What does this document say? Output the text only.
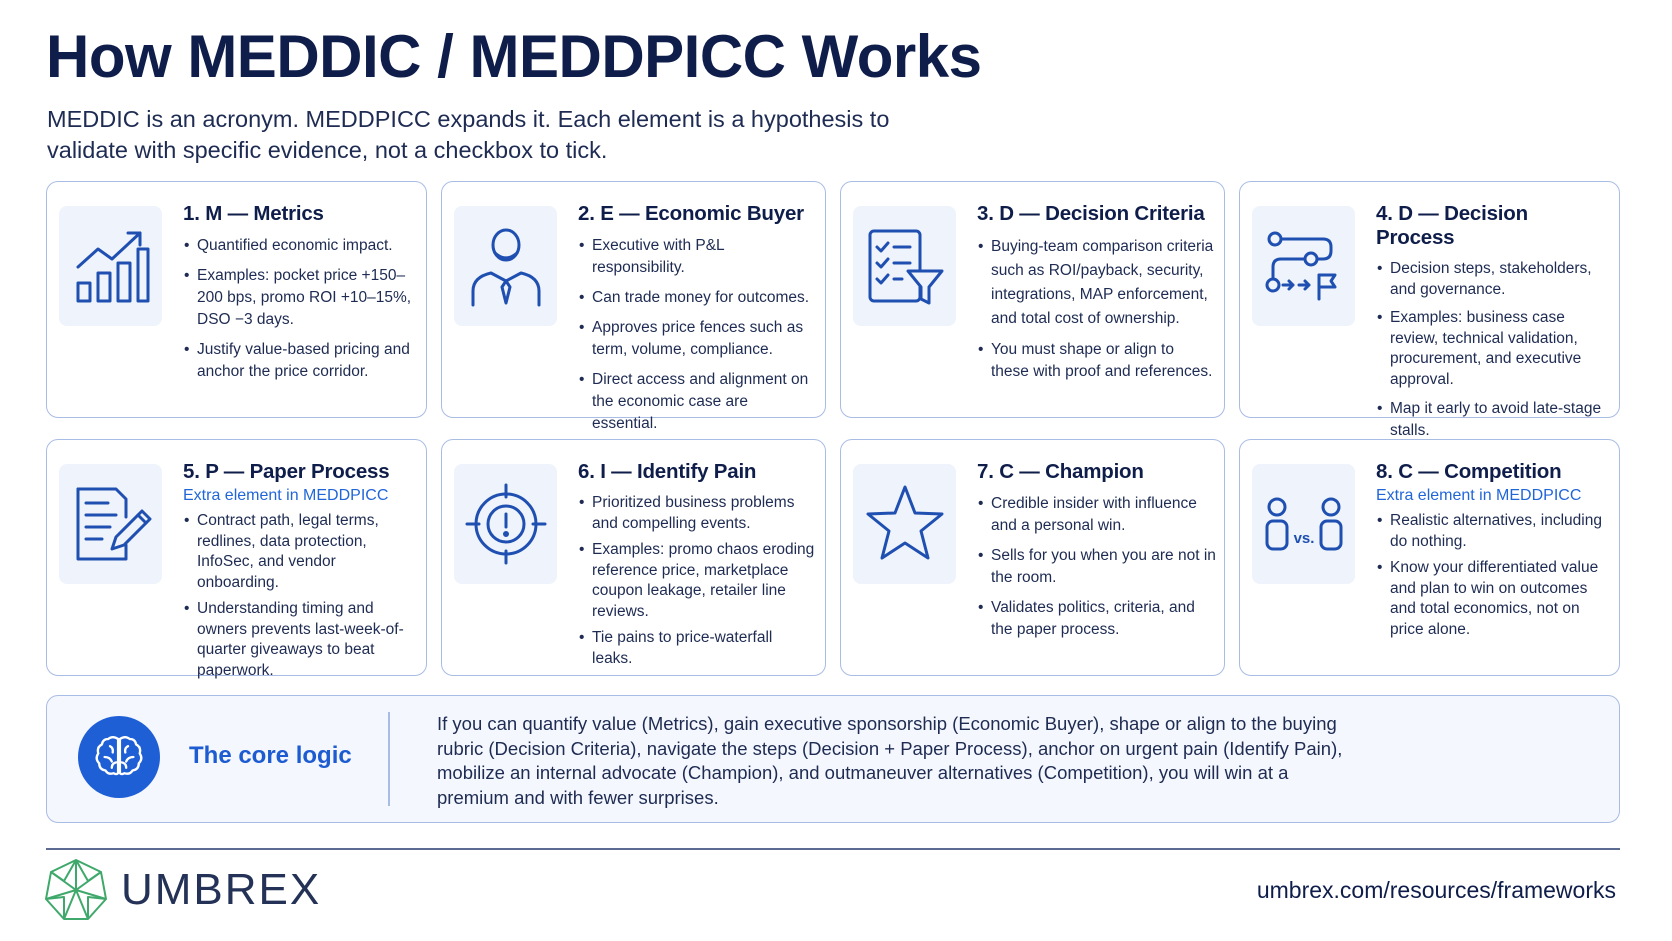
How MEDDIC / MEDDPICC Works
MEDDIC is an acronym. MEDDPICC expands it. Each element is a hypothesis to validate with specific evidence, not a checkbox to tick.
1. M — Metrics
• Quantified economic impact.
• Examples: pocket price +150–200 bps, promo ROI +10–15%, DSO −3 days.
• Justify value-based pricing and anchor the price corridor.
2. E — Economic Buyer
• Executive with P&L responsibility.
• Can trade money for outcomes.
• Approves price fences such as term, volume, compliance.
• Direct access and alignment on the economic case are essential.
3. D — Decision Criteria
• Buying-team comparison criteria such as ROI/payback, security, integrations, MAP enforcement, and total cost of ownership.
• You must shape or align to these with proof and references.
4. D — Decision Process
• Decision steps, stakeholders, and governance.
• Examples: business case review, technical validation, procurement, and executive approval.
• Map it early to avoid late-stage stalls.
5. P — Paper Process
Extra element in MEDDPICC
• Contract path, legal terms, redlines, data protection, InfoSec, and vendor onboarding.
• Understanding timing and owners prevents last-week-of-quarter giveaways to beat paperwork.
6. I — Identify Pain
• Prioritized business problems and compelling events.
• Examples: promo chaos eroding reference price, marketplace coupon leakage, retailer line reviews.
• Tie pains to price-waterfall leaks.
7. C — Champion
• Credible insider with influence and a personal win.
• Sells for you when you are not in the room.
• Validates politics, criteria, and the paper process.
vs.
8. C — Competition
Extra element in MEDDPICC
• Realistic alternatives, including do nothing.
• Know your differentiated value and plan to win on outcomes and total economics, not on price alone.
The core logic
If you can quantify value (Metrics), gain executive sponsorship (Economic Buyer), shape or align to the buying rubric (Decision Criteria), navigate the steps (Decision + Paper Process), anchor on urgent pain (Identify Pain), mobilize an internal advocate (Champion), and outmaneuver alternatives (Competition), you will win at a premium and with fewer surprises.
UMBREX	umbrex.com/resources/frameworks
